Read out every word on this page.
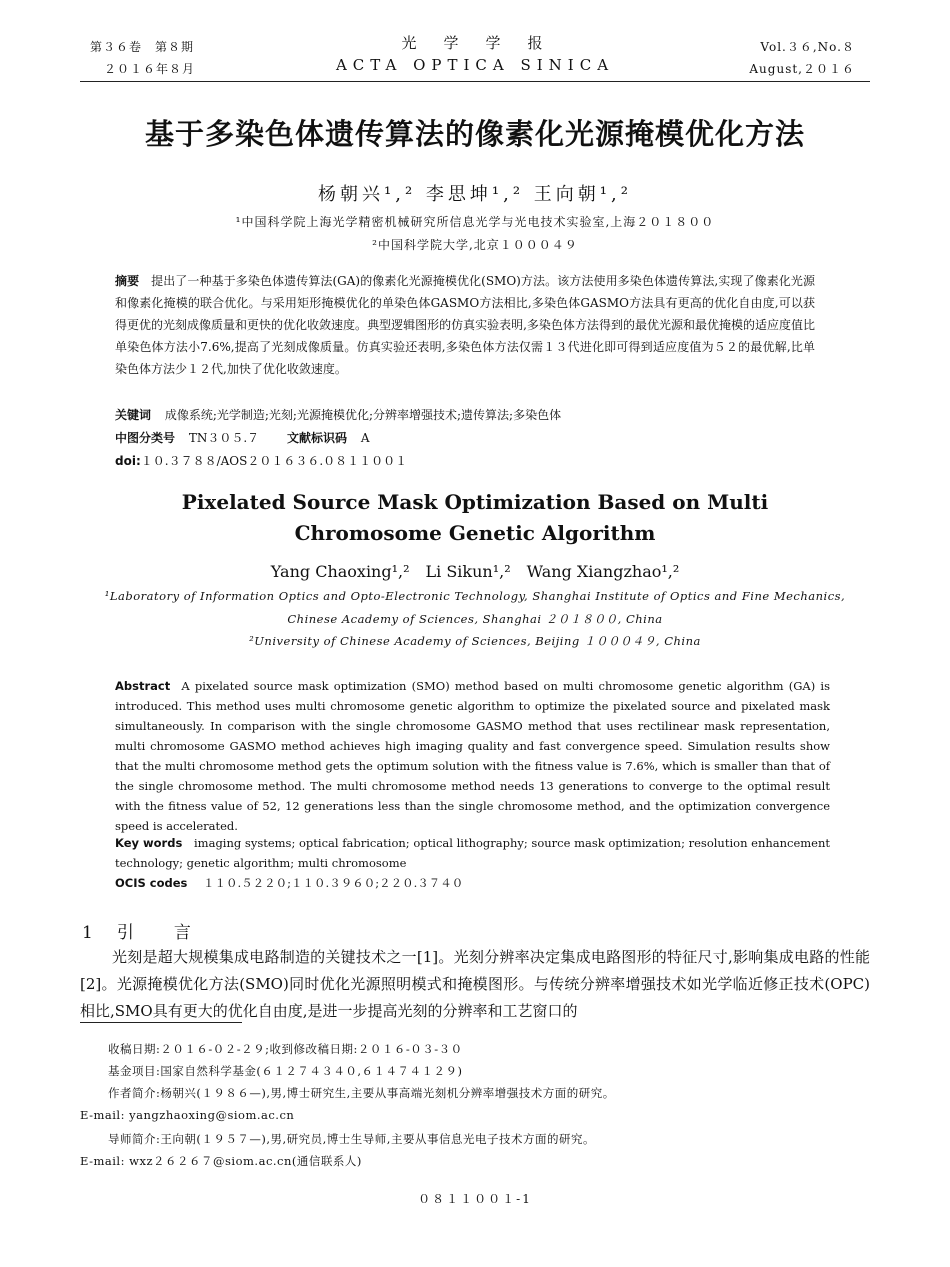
第３６卷　第８期
２０１６年８月
光　学　学　报
ACTA OPTICA SINICA
Vol.３６,No.８
August,２０１６
基于多染色体遗传算法的像素化光源掩模优化方法
杨朝兴¹,² 李思坤¹,² 王向朝¹,²
¹中国科学院上海光学精密机械研究所信息光学与光电技术实验室,上海２０１８００
²中国科学院大学,北京１０００４９
摘要 提出了一种基于多染色体遗传算法(GA)的像素化光源掩模优化(SMO)方法。该方法使用多染色体遗传算法,实现了像素化光源和像素化掩模的联合优化。与采用矩形掩模优化的单染色体GASMO方法相比,多染色体GASMO方法具有更高的优化自由度,可以获得更优的光刻成像质量和更快的优化收敛速度。典型逻辑图形的仿真实验表明,多染色体方法得到的最优光源和最优掩模的适应度值比单染色体方法小7.6%,提高了光刻成像质量。仿真实验还表明,多染色体方法仅需１３代进化即可得到适应度值为５２的最优解,比单染色体方法少１２代,加快了优化收敛速度。
关键词 成像系统;光学制造;光刻;光源掩模优化;分辨率增强技术;遗传算法;多染色体
中图分类号 TN３０５.７ 文献标识码 A
doi:１０.３７８８/AOS２０１６３６.０８１１００１
Pixelated Source Mask Optimization Based on Multi
Chromosome Genetic Algorithm
Yang Chaoxing¹,²　Li Sikun¹,²　Wang Xiangzhao¹,²
¹Laboratory of Information Optics and Opto-Electronic Technology, Shanghai Institute of Optics and Fine Mechanics,
Chinese Academy of Sciences, Shanghai ２０１８００, China
²University of Chinese Academy of Sciences, Beijing １０００４９, China
Abstract A pixelated source mask optimization (SMO) method based on multi chromosome genetic algorithm (GA) is introduced. This method uses multi chromosome genetic algorithm to optimize the pixelated source and pixelated mask simultaneously. In comparison with the single chromosome GASMO method that uses rectilinear mask representation, multi chromosome GASMO method achieves high imaging quality and fast convergence speed. Simulation results show that the multi chromosome method gets the optimum solution with the fitness value is 7.6%, which is smaller than that of the single chromosome method. The multi chromosome method needs 13 generations to converge to the optimal result with the fitness value of 52, 12 generations less than the single chromosome method, and the optimization convergence speed is accelerated.
Key words imaging systems; optical fabrication; optical lithography; source mask optimization; resolution enhancement technology; genetic algorithm; multi chromosome
OCIS codes １１０.５２２０;１１０.３９６０;２２０.３７４０
1 引　　言
光刻是超大规模集成电路制造的关键技术之一[1]。光刻分辨率决定集成电路图形的特征尺寸,影响集成电路的性能[2]。光源掩模优化方法(SMO)同时优化光源照明模式和掩模图形。与传统分辨率增强技术如光学临近修正技术(OPC)相比,SMO具有更大的优化自由度,是进一步提高光刻的分辨率和工艺窗口的
收稿日期:２０１６-０２-２９;收到修改稿日期:２０１６-０３-３０
基金项目:国家自然科学基金(６１２７４３４０,６１４７４１２９)
作者简介:杨朝兴(１９８６—),男,博士研究生,主要从事高端光刻机分辨率增强技术方面的研究。
E-mail: yangzhaoxing@siom.ac.cn
导师简介:王向朝(１９５７—),男,研究员,博士生导师,主要从事信息光电子技术方面的研究。
E-mail: wxz２６２６７@siom.ac.cn(通信联系人)
０８１１００１-1
